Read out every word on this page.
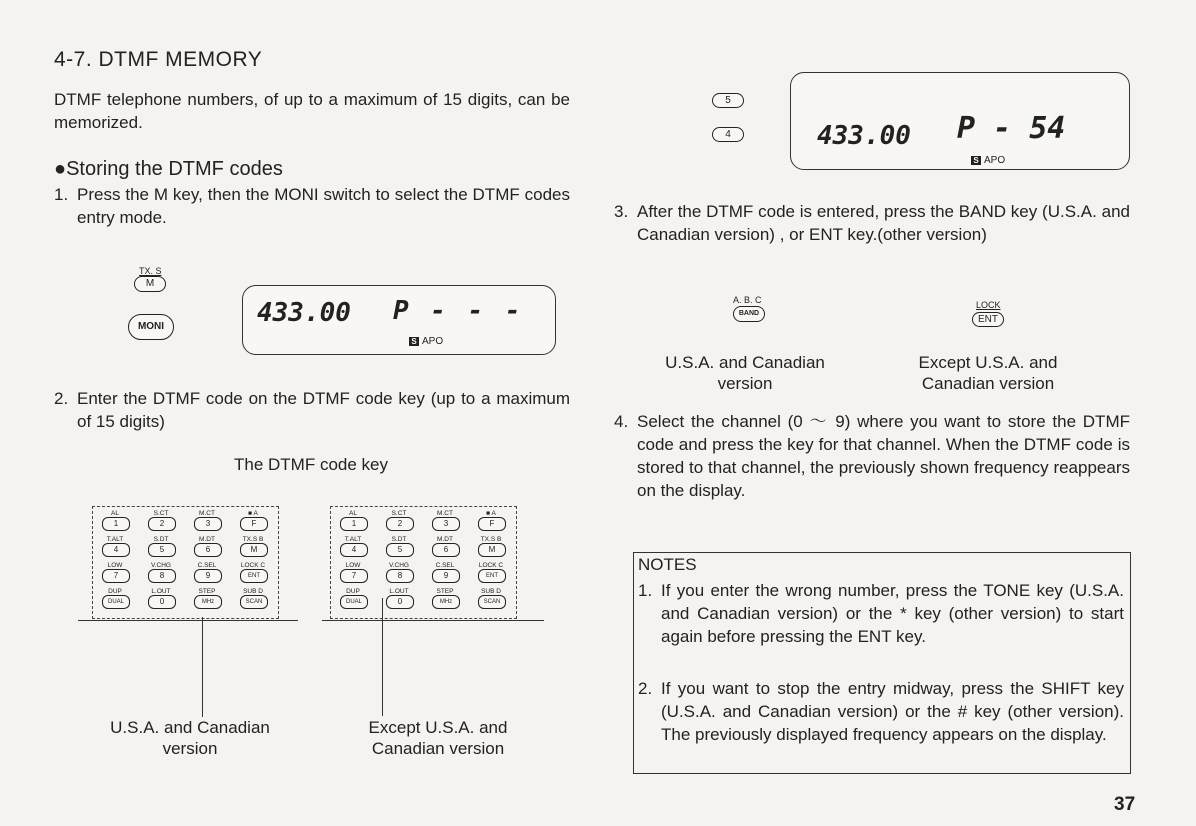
4-7. DTMF MEMORY
DTMF telephone numbers, of up to a maximum of 15 digits, can be memorized.
●Storing the DTMF codes
1. Press the M key, then the MONI switch to select the DTMF codes entry mode.
TX. S
M
MONI	433.00 P - - -
S APO
2. Enter the DTMF code on the DTMF code key (up to a maximum of 15 digits)
The DTMF code key
AL
1
S.CT
2
M.CT
3
■ A
F
T.ALT
4
S.DT
5
M.DT
6
TX.S B
M
LOW
7
V.CHG
8
C.SEL
9
LOCK C
ENT
DUP
DUAL
L.OUT
0
STEP
MHz
SUB D
SCAN
AL
1
S.CT
2
M.CT
3
■ A
F
T.ALT
4
S.DT
5
M.DT
6
TX.S B
M
LOW
7
V.CHG
8
C.SEL
9
LOCK C
ENT
DUP
DUAL
L.OUT
0
STEP
MHz
SUB D
SCAN
U.S.A. and Canadian version
Except U.S.A. and Canadian version
5
4	433.00 P - 54
S APO
3. After the DTMF code is entered, press the BAND key (U.S.A. and Canadian version) , or ENT key.(other version)
A. B. C
BAND
LOCK
ENT
U.S.A. and Canadian version
Except U.S.A. and Canadian version
4. Select the channel (0 ～ 9) where you want to store the DTMF code and press the key for that channel. When the DTMF code is stored to that channel, the previously shown frequency reappears on the display.
NOTES
1. If you enter the wrong number, press the TONE key (U.S.A. and Canadian version) or the * key (other version) to start again before pressing the ENT key.
2. If you want to stop the entry midway, press the SHIFT key (U.S.A. and Canadian version) or the # key (other version). The previously displayed frequency appears on the display.
37
